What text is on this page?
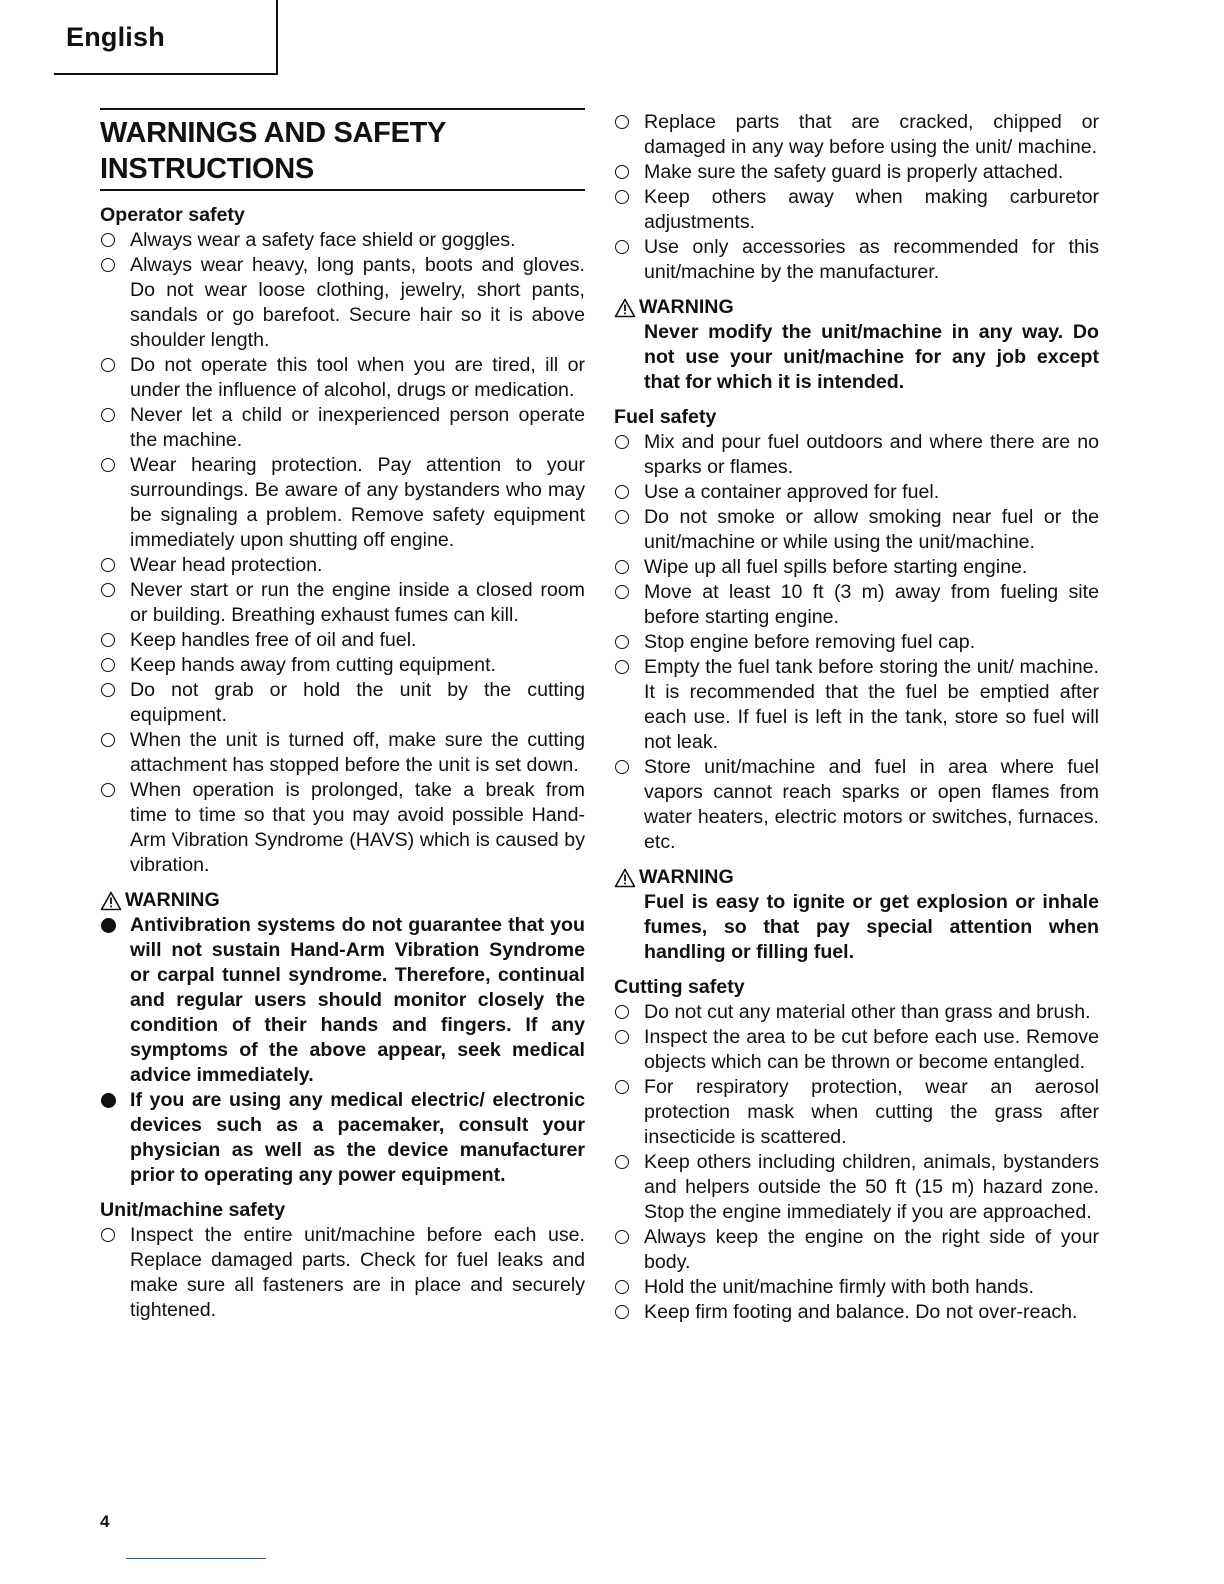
English
WARNINGS AND SAFETY
INSTRUCTIONS
Operator safety
Always wear a safety face shield or goggles.
Always wear heavy, long pants, boots and gloves. Do not wear loose clothing, jewelry, short pants, sandals or go barefoot. Secure hair so it is above shoulder length.
Do not operate this tool when you are tired, ill or under the influence of alcohol, drugs or medication.
Never let a child or inexperienced person operate the machine.
Wear hearing protection. Pay attention to your surroundings. Be aware of any bystanders who may be signaling a problem. Remove safety equipment immediately upon shutting off engine.
Wear head protection.
Never start or run the engine inside a closed room or building. Breathing exhaust fumes can kill.
Keep handles free of oil and fuel.
Keep hands away from cutting equipment.
Do not grab or hold the unit by the cutting equipment.
When the unit is turned off, make sure the cutting attachment has stopped before the unit is set down.
When operation is prolonged, take a break from time to time so that you may avoid possible Hand-Arm Vibration Syndrome (HAVS) which is caused by vibration.
WARNING
Antivibration systems do not guarantee that you will not sustain Hand-Arm Vibration Syndrome or carpal tunnel syndrome. Therefore, continual and regular users should monitor closely the condition of their hands and fingers. If any symptoms of the above appear, seek medical advice immediately.
If you are using any medical electric/ electronic devices such as a pacemaker, consult your physician as well as the device manufacturer prior to operating any power equipment.
Unit/machine safety
Inspect the entire unit/machine before each use. Replace damaged parts. Check for fuel leaks and make sure all fasteners are in place and securely tightened.
Replace parts that are cracked, chipped or damaged in any way before using the unit/ machine.
Make sure the safety guard is properly attached.
Keep others away when making carburetor adjustments.
Use only accessories as recommended for this unit/machine by the manufacturer.
WARNING

Never modify the unit/machine in any way. Do not use your unit/machine for any job except that for which it is intended.

Fuel safety
Mix and pour fuel outdoors and where there are no sparks or flames.
Use a container approved for fuel.
Do not smoke or allow smoking near fuel or the unit/machine or while using the unit/machine.
Wipe up all fuel spills before starting engine.
Move at least 10 ft (3 m) away from fueling site before starting engine.
Stop engine before removing fuel cap.
Empty the fuel tank before storing the unit/ machine. It is recommended that the fuel be emptied after each use. If fuel is left in the tank, store so fuel will not leak.
Store unit/machine and fuel in area where fuel vapors cannot reach sparks or open flames from water heaters, electric motors or switches, furnaces. etc.
WARNING

Fuel is easy to ignite or get explosion or inhale fumes, so that pay special attention when handling or filling fuel.

Cutting safety
Do not cut any material other than grass and brush.
Inspect the area to be cut before each use. Remove objects which can be thrown or become entangled.
For respiratory protection, wear an aerosol protection mask when cutting the grass after insecticide is scattered.
Keep others including children, animals, bystanders and helpers outside the 50 ft (15 m) hazard zone. Stop the engine immediately if you are approached.
Always keep the engine on the right side of your body.
Hold the unit/machine firmly with both hands.
Keep firm footing and balance. Do not over-reach.
4
